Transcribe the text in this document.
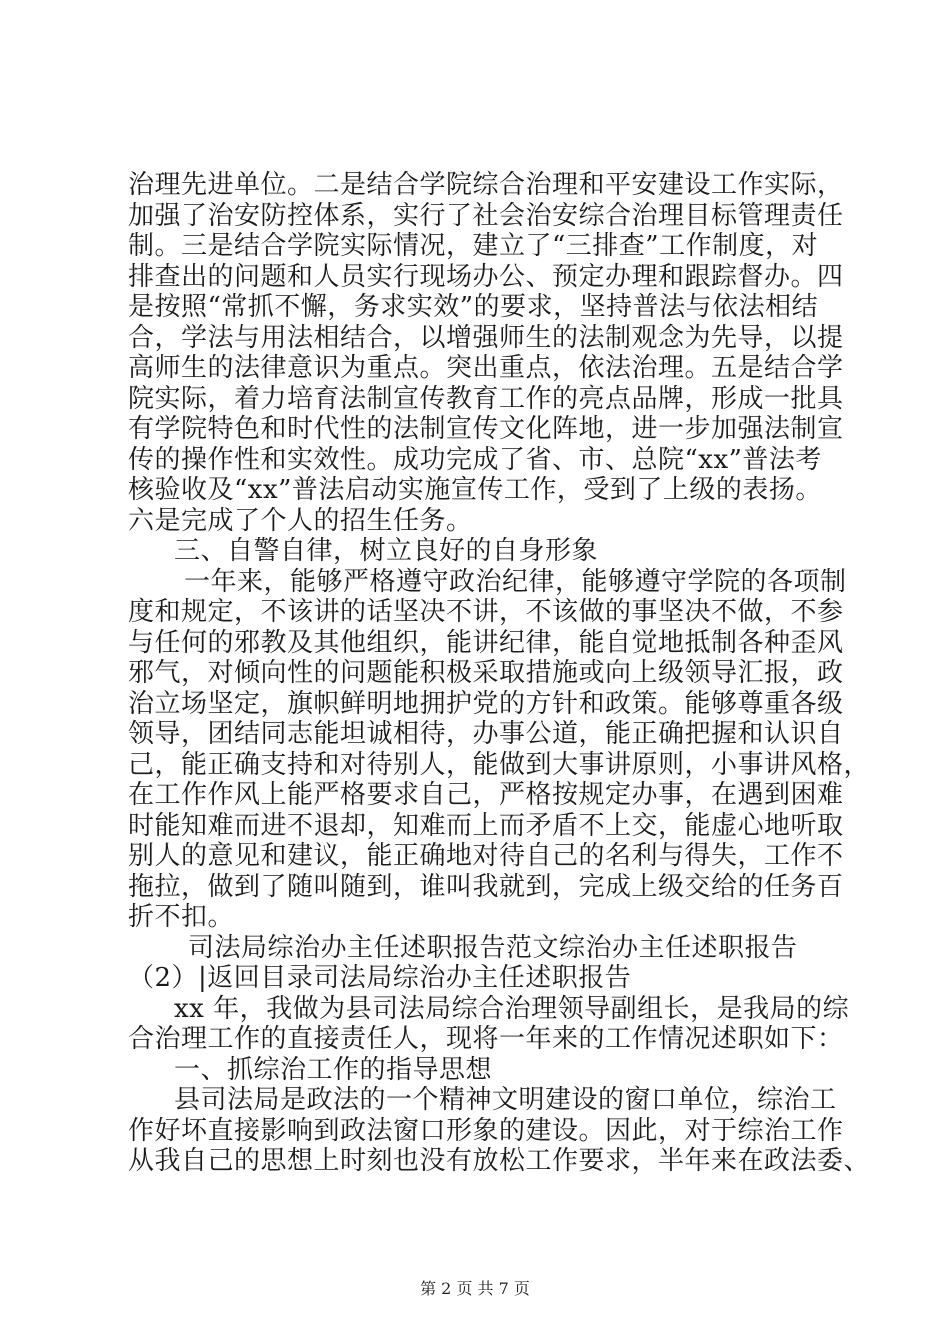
治理先进单位。二是结合学院综合治理和平安建设工作实际，
加强了治安防控体系，实行了社会治安综合治理目标管理责任
制。三是结合学院实际情况，建立了“三排查”工作制度，对
排查出的问题和人员实行现场办公、预定办理和跟踪督办。四
是按照“常抓不懈，务求实效”的要求，坚持普法与依法相结
合，学法与用法相结合，以增强师生的法制观念为先导，以提
高师生的法律意识为重点。突出重点，依法治理。五是结合学
院实际，着力培育法制宣传教育工作的亮点品牌，形成一批具
有学院特色和时代性的法制宣传文化阵地，进一步加强法制宣
传的操作性和实效性。成功完成了省、市、总院“xx”普法考
核验收及“xx”普法启动实施宣传工作，受到了上级的表扬。
六是完成了个人的招生任务。
三、自警自律，树立良好的自身形象
一年来，能够严格遵守政治纪律，能够遵守学院的各项制
度和规定，不该讲的话坚决不讲，不该做的事坚决不做，不参
与任何的邪教及其他组织，能讲纪律，能自觉地抵制各种歪风
邪气，对倾向性的问题能积极采取措施或向上级领导汇报，政
治立场坚定，旗帜鲜明地拥护党的方针和政策。能够尊重各级
领导，团结同志能坦诚相待，办事公道，能正确把握和认识自
己，能正确支持和对待别人，能做到大事讲原则，小事讲风格，
在工作作风上能严格要求自己，严格按规定办事，在遇到困难
时能知难而进不退却，知难而上而矛盾不上交，能虚心地听取
别人的意见和建议，能正确地对待自己的名利与得失，工作不
拖拉，做到了随叫随到，谁叫我就到，完成上级交给的任务百
折不扣。
司法局综治办主任述职报告范文综治办主任述职报告
（2）|返回目录司法局综治办主任述职报告
xx 年，我做为县司法局综合治理领导副组长，是我局的综
合治理工作的直接责任人，现将一年来的工作情况述职如下：
一、抓综治工作的指导思想
县司法局是政法的一个精神文明建设的窗口单位，综治工
作好坏直接影响到政法窗口形象的建设。因此，对于综治工作
从我自己的思想上时刻也没有放松工作要求，半年来在政法委、
第 2 页 共 7 页
